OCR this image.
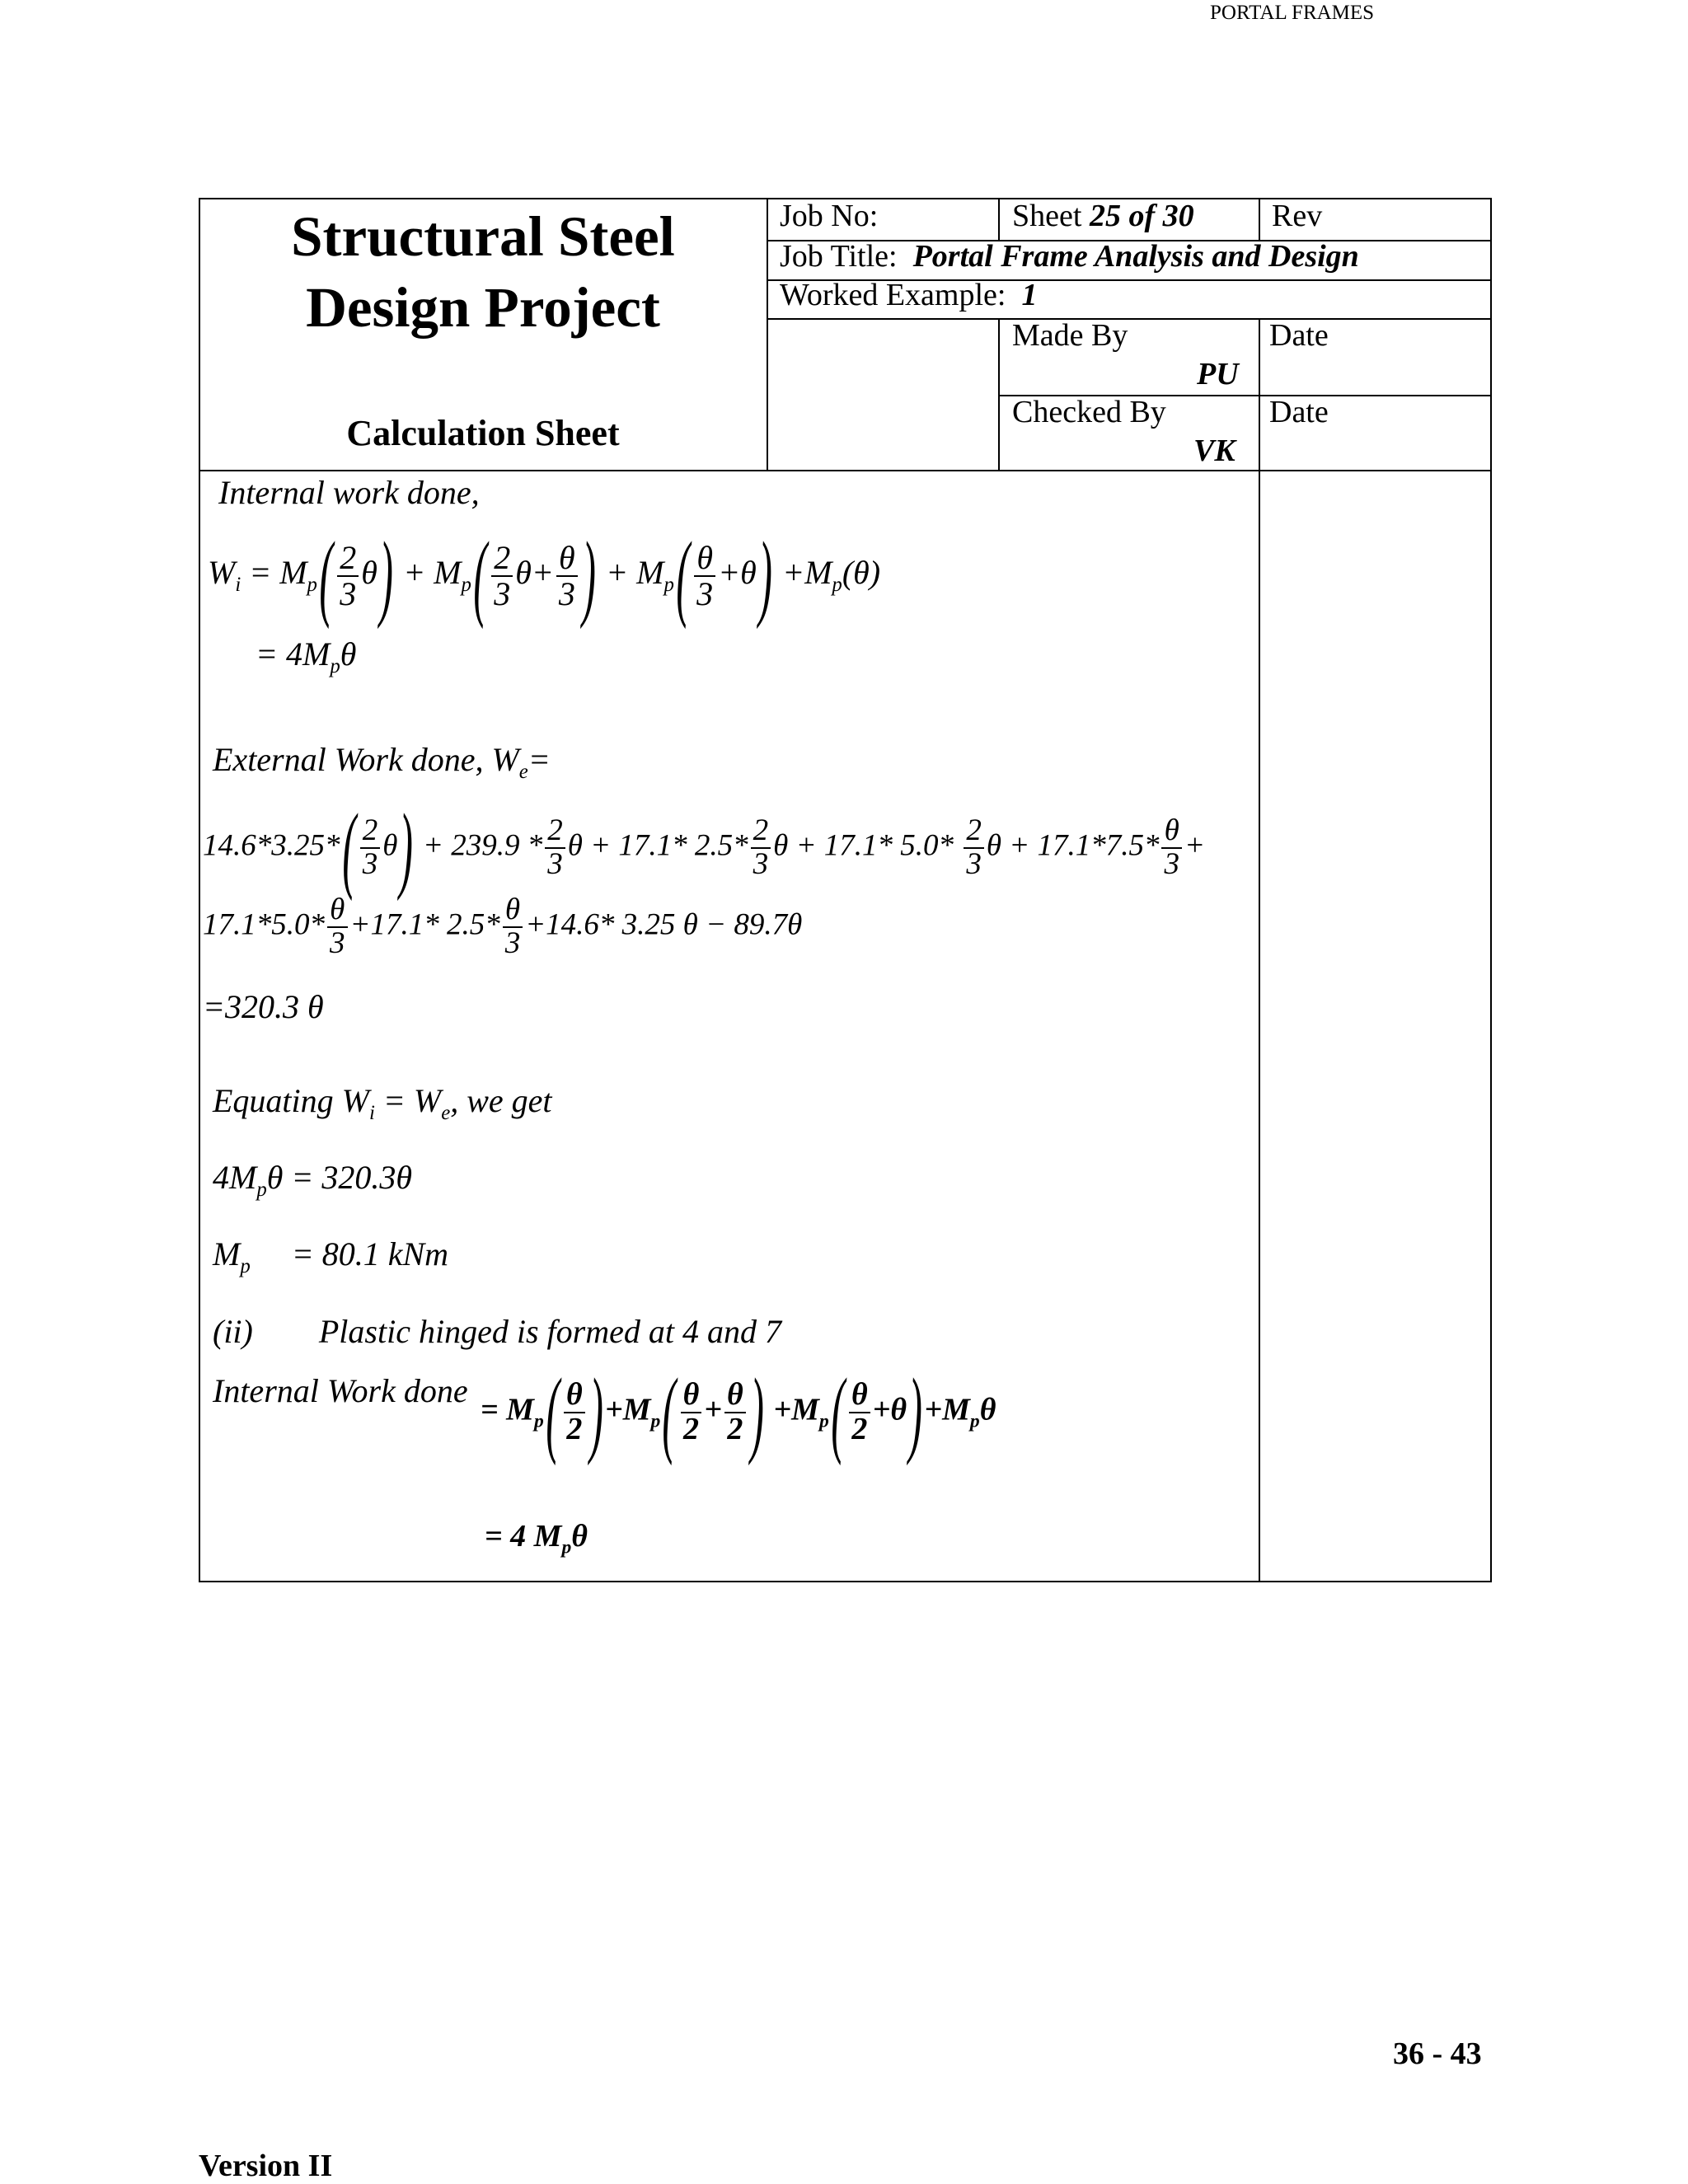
PORTAL FRAMES
Structural Steel
Design Project
Calculation Sheet
Job No:	Sheet 25 of 30 Rev
Job Title: Portal Frame Analysis and Design
Worked Example: 1
Made By
PU
Date
Checked By
VK
Date
Internal work done,
$W_i = M_p( \frac{2}{3} \theta) + M_p( \frac{2}{3} \theta+ \frac{\theta}{3}$ ) + $M_p( \frac{\theta}{3} +\theta) +M_p(\theta)$
= $4M_p\theta$
External Work done, $W_e=$
$14.6*3.25*( \frac{2}{3} \theta) + 239.9 * \frac{2}{3}$ θ + 17.1* $2.5* \frac{2}{3}$ θ + 17.1* $5.0* \frac{2}{3}$ $\theta + 17.1*7.5* \frac{\theta}{3}$ +
$17.1*5.0* \frac{\theta}{3} +17.1*$ $2.5* \frac{\theta}{3} +14.6*$ 3.25 θ − 89.7θ
=320.3 θ
Equating $W_i = W_e$, we get
$4M_p\theta = 320.3\theta$
$M_p = 80.1$ kNm
(ii) Plastic hinged is formed at 4 and 7
Internal Work done
= $M_p( \frac{\theta}{2} )+M_p( \frac{\theta}{2} + \frac{\theta}{2}$ ) $+M_p( \frac{\theta}{2} +\theta)+M_p\theta$
= 4 $M_p\theta$
36 - 43
Version II
